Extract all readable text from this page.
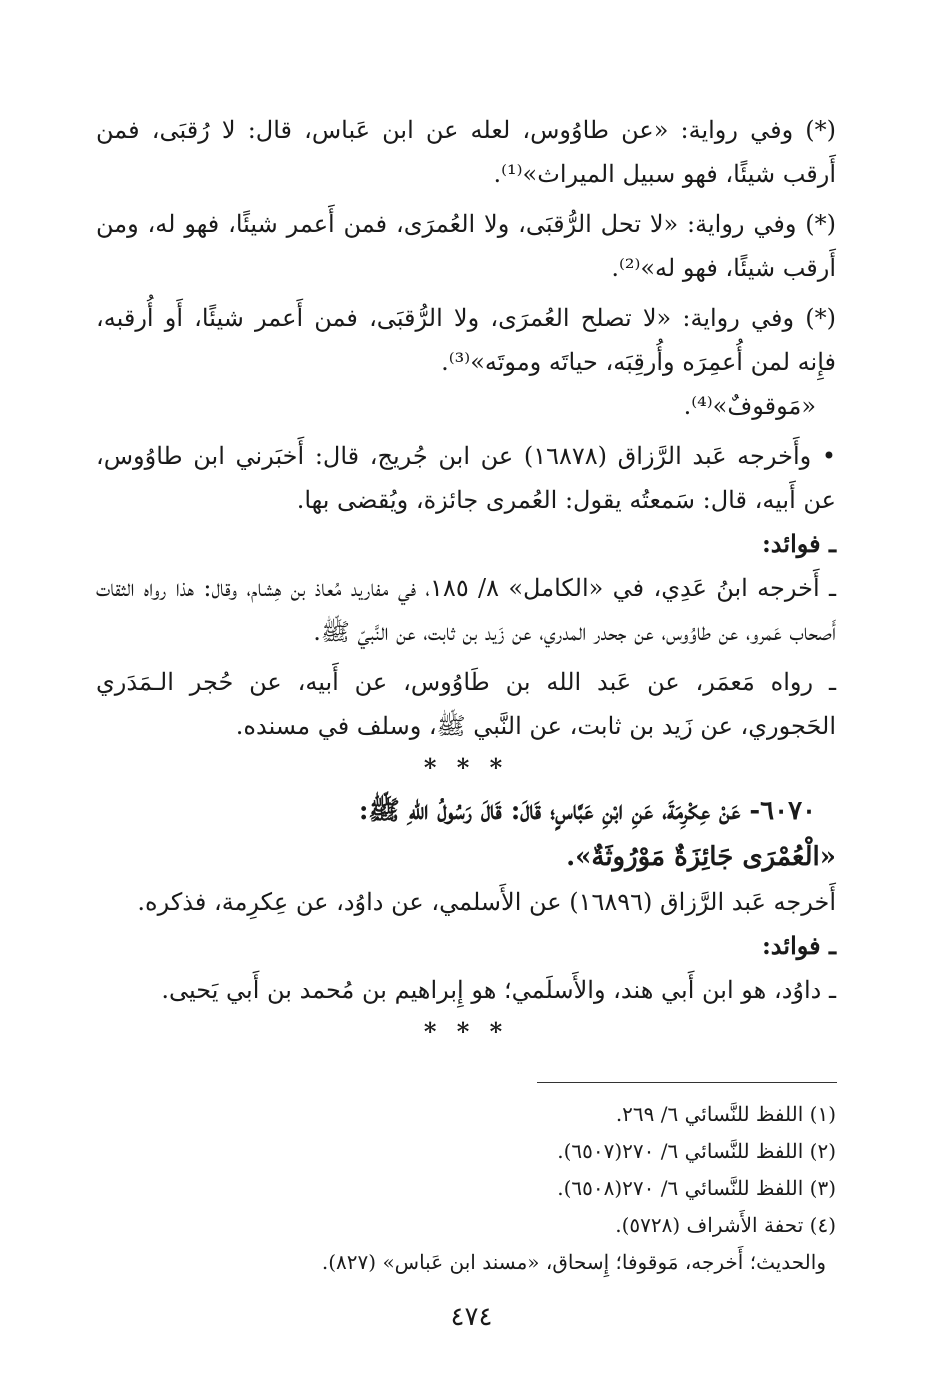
(*) وفي رواية: «عن طاوُوس، لعله عن ابن عَباس، قال: لا رُقبَى، فمن أَرقب شيئًا، فهو سبيل الميراث»⁽¹⁾.

(*) وفي رواية: «لا تحل الرُّقبَى، ولا العُمرَى، فمن أَعمر شيئًا، فهو له، ومن أَرقب شيئًا، فهو له»⁽²⁾.

(*) وفي رواية: «لا تصلح العُمرَى، ولا الرُّقبَى، فمن أَعمر شيئًا، أَو أُرقبه، فإِنه لمن أُعمِرَه وأُرقِبَه، حياتَه وموتَه»⁽³⁾.

«مَوقوفٌ»⁽⁴⁾.

• وأَخرجه عَبد الرَّزاق (١٦٨٧٨) عن ابن جُريج، قال: أَخبَرني ابن طاوُوس، عن أَبيه، قال: سَمعتُه يقول: العُمرى جائزة، ويُقضى بها.

ـ فوائد:

ـ أَخرجه ابنُ عَدِي، في «الكامل» ٨/ ١٨٥، في مفاريد مُعاذ بن هِشام، وقال: هذا رواه الثقات أَصحاب عَمرو، عن طاوُوس، عن جحدر المدري، عن زَيد بن ثابت، عن النَّبيّ ﷺ.

ـ رواه مَعمَر، عن عَبد الله بن طَاوُوس، عن أَبيه، عن حُجر الـمَدَري الحَجوري، عن زَيد بن ثابت، عن النَّبي ﷺ، وسلف في مسنده.

* * *

٦٠٧٠- عَنْ عِكْرِمَةَ، عَنِ ابْنِ عَبَّاسٍ؛ قَالَ: قَالَ رَسُولُ اللهِ ﷺ:

«الْعُمْرَى جَائِزَةٌ مَوْرُوثَةٌ».

أَخرجه عَبد الرَّزاق (١٦٨٩٦) عن الأَسلمي، عن داوُد، عن عِكرِمة، فذكره.

ـ فوائد:

ـ داوُد، هو ابن أَبي هند، والأَسلَمي؛ هو إِبراهيم بن مُحمد بن أَبي يَحيى.

* * *

(١) اللفظ للنَّسائي ٦/ ٢٦٩.

(٢) اللفظ للنَّسائي ٦/ ٢٧٠(٦٥٠٧).

(٣) اللفظ للنَّسائي ٦/ ٢٧٠(٦٥٠٨).

(٤) تحفة الأَشراف (٥٧٢٨).

والحديث؛ أَخرجه، مَوقوفا؛ إِسحاق، «مسند ابن عَباس» (٨٢٧).

٤٧٤
